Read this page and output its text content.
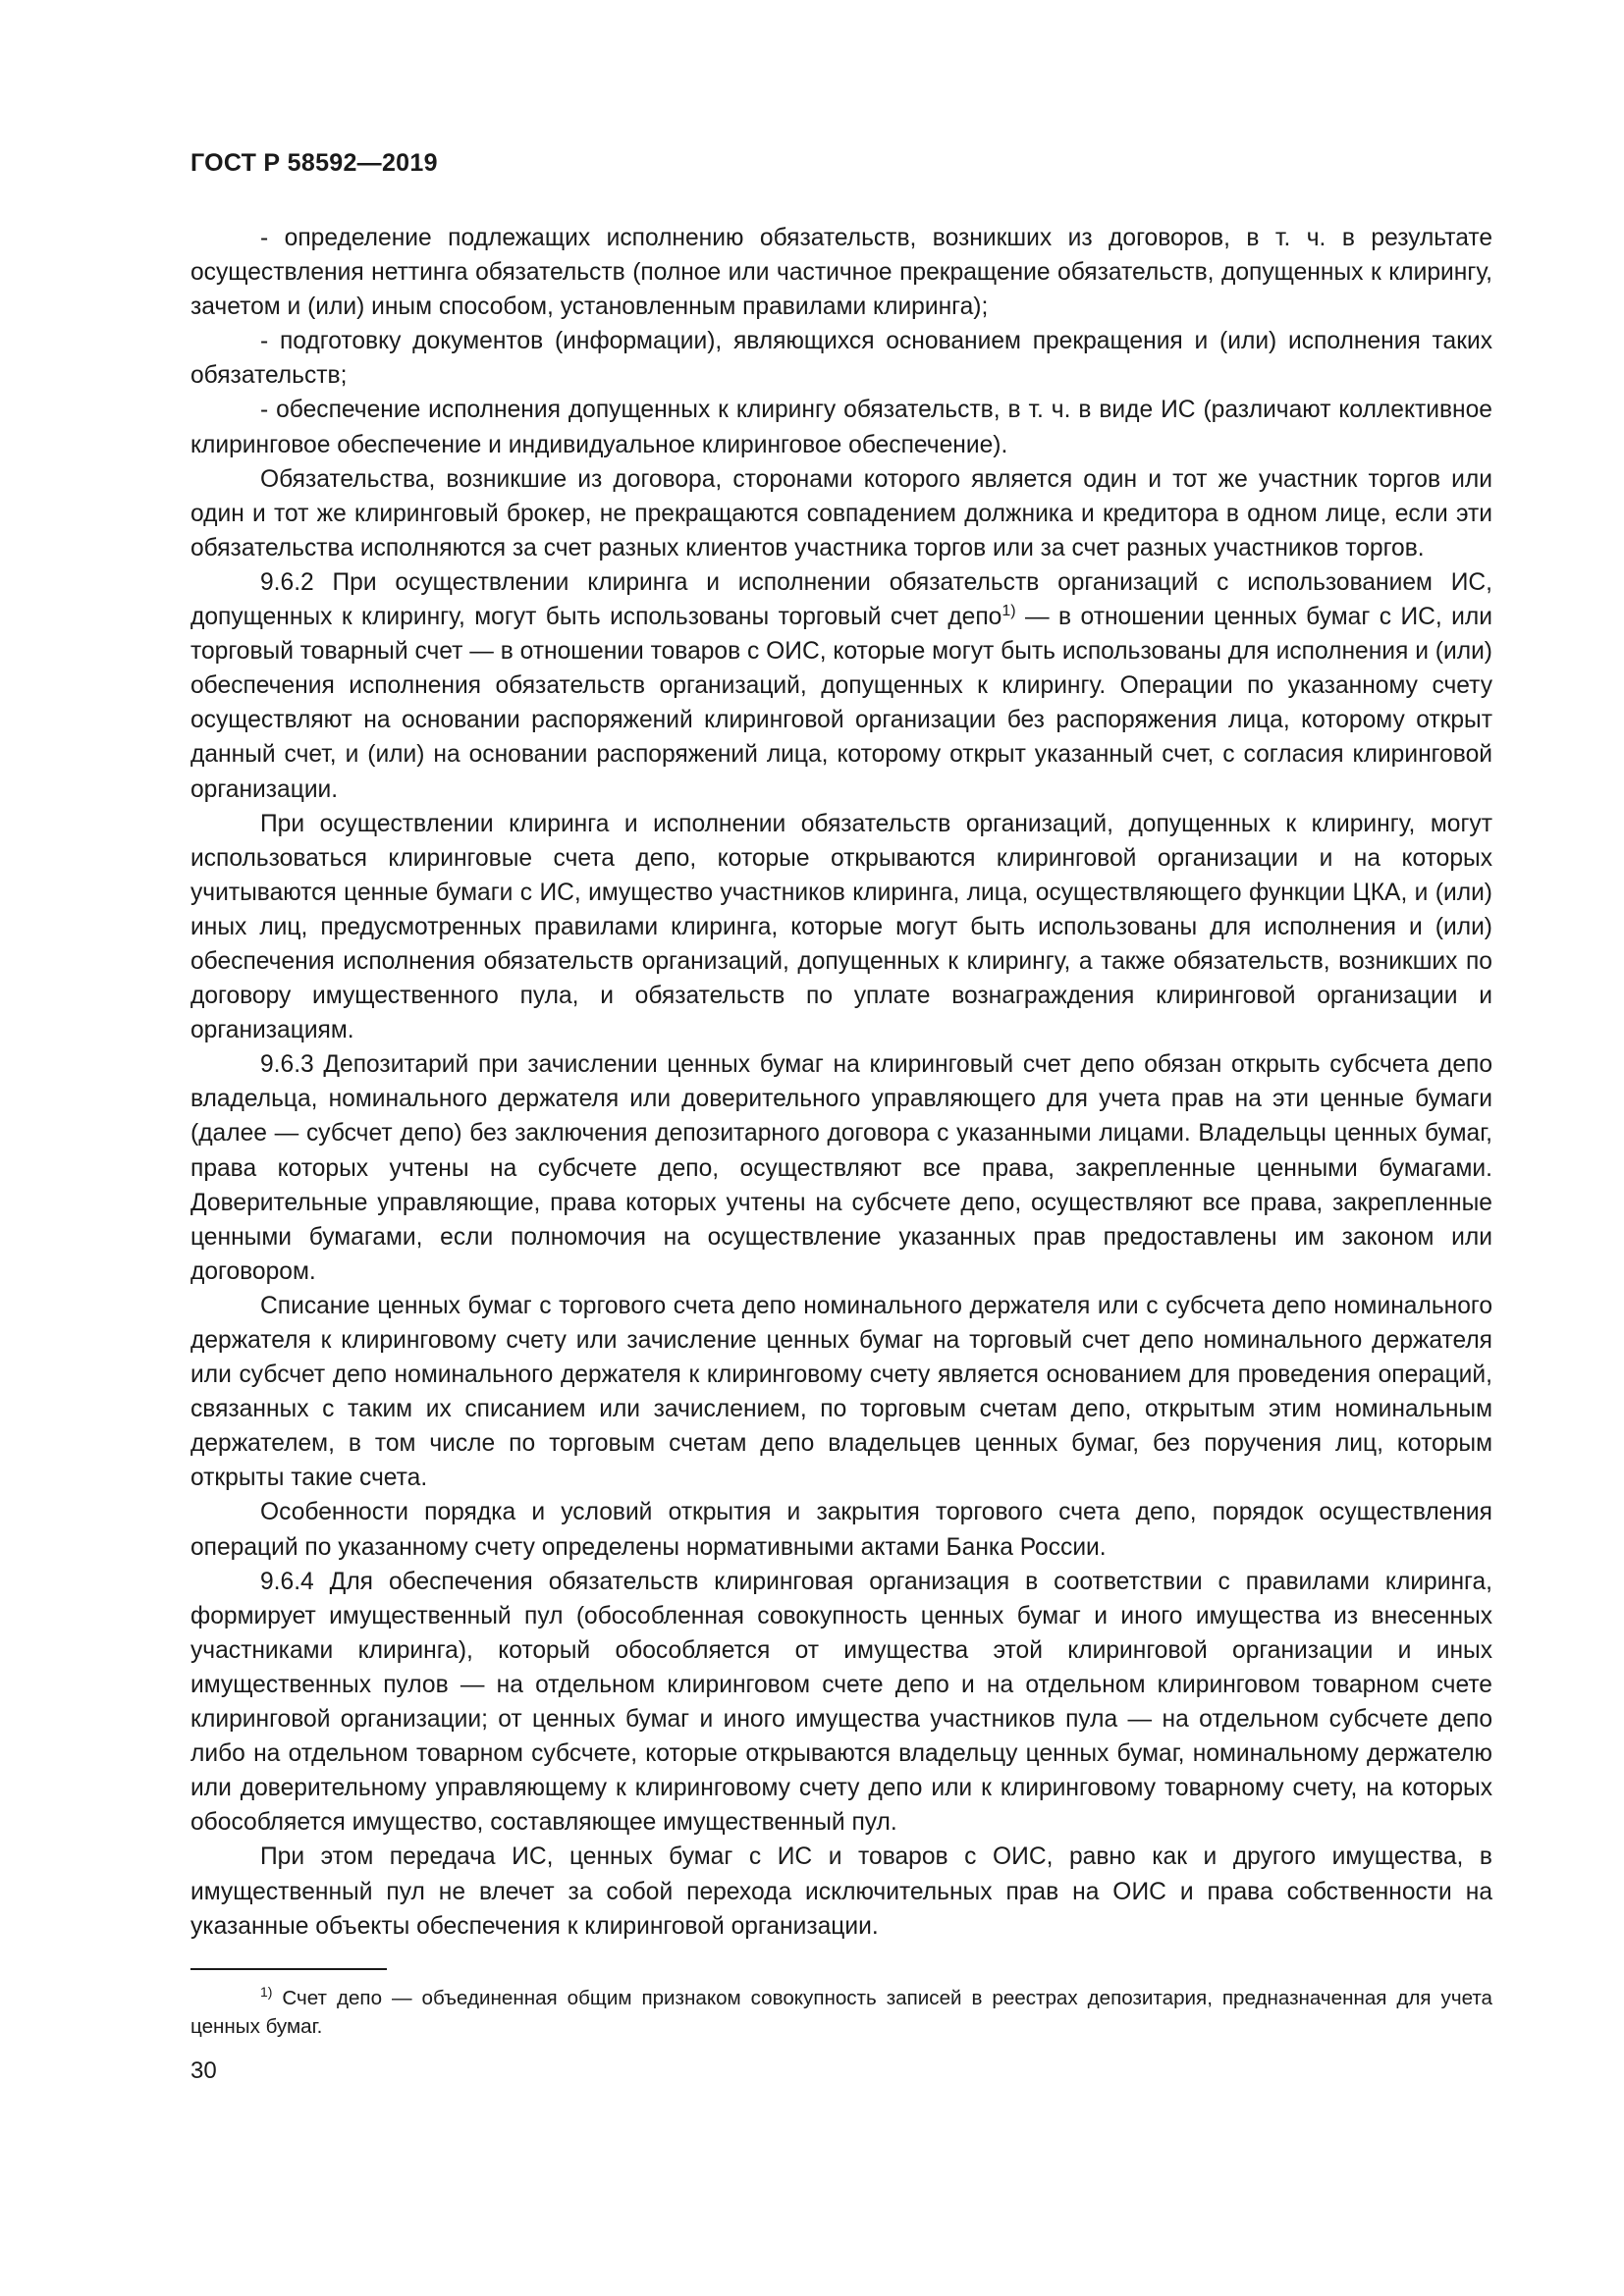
ГОСТ Р 58592—2019

- определение подлежащих исполнению обязательств, возникших из договоров, в т. ч. в результате осуществления неттинга обязательств (полное или частичное прекращение обязательств, допущенных к клирингу, зачетом и (или) иным способом, установленным правилами клиринга);

- подготовку документов (информации), являющихся основанием прекращения и (или) исполнения таких обязательств;

- обеспечение исполнения допущенных к клирингу обязательств, в т. ч. в виде ИС (различают коллективное клиринговое обеспечение и индивидуальное клиринговое обеспечение).

Обязательства, возникшие из договора, сторонами которого является один и тот же участник торгов или один и тот же клиринговый брокер, не прекращаются совпадением должника и кредитора в одном лице, если эти обязательства исполняются за счет разных клиентов участника торгов или за счет разных участников торгов.

9.6.2 При осуществлении клиринга и исполнении обязательств организаций с использованием ИС, допущенных к клирингу, могут быть использованы торговый счет депо$^{1)}$ — в отношении ценных бумаг с ИС, или торговый товарный счет — в отношении товаров с ОИС, которые могут быть использованы для исполнения и (или) обеспечения исполнения обязательств организаций, допущенных к клирингу. Операции по указанному счету осуществляют на основании распоряжений клиринговой организации без распоряжения лица, которому открыт данный счет, и (или) на основании распоряжений лица, которому открыт указанный счет, с согласия клиринговой организации.

При осуществлении клиринга и исполнении обязательств организаций, допущенных к клирингу, могут использоваться клиринговые счета депо, которые открываются клиринговой организации и на которых учитываются ценные бумаги с ИС, имущество участников клиринга, лица, осуществляющего функции ЦКА, и (или) иных лиц, предусмотренных правилами клиринга, которые могут быть использованы для исполнения и (или) обеспечения исполнения обязательств организаций, допущенных к клирингу, а также обязательств, возникших по договору имущественного пула, и обязательств по уплате вознаграждения клиринговой организации и организациям.

9.6.3 Депозитарий при зачислении ценных бумаг на клиринговый счет депо обязан открыть субсчета депо владельца, номинального держателя или доверительного управляющего для учета прав на эти ценные бумаги (далее — субсчет депо) без заключения депозитарного договора с указанными лицами. Владельцы ценных бумаг, права которых учтены на субсчете депо, осуществляют все права, закрепленные ценными бумагами. Доверительные управляющие, права которых учтены на субсчете депо, осуществляют все права, закрепленные ценными бумагами, если полномочия на осуществление указанных прав предоставлены им законом или договором.

Списание ценных бумаг с торгового счета депо номинального держателя или с субсчета депо номинального держателя к клиринговому счету или зачисление ценных бумаг на торговый счет депо номинального держателя или субсчет депо номинального держателя к клиринговому счету является основанием для проведения операций, связанных с таким их списанием или зачислением, по торговым счетам депо, открытым этим номинальным держателем, в том числе по торговым счетам депо владельцев ценных бумаг, без поручения лиц, которым открыты такие счета.

Особенности порядка и условий открытия и закрытия торгового счета депо, порядок осуществления операций по указанному счету определены нормативными актами Банка России.

9.6.4 Для обеспечения обязательств клиринговая организация в соответствии с правилами клиринга, формирует имущественный пул (обособленная совокупность ценных бумаг и иного имущества из внесенных участниками клиринга), который обособляется от имущества этой клиринговой организации и иных имущественных пулов — на отдельном клиринговом счете депо и на отдельном клиринговом товарном счете клиринговой организации; от ценных бумаг и иного имущества участников пула — на отдельном субсчете депо либо на отдельном товарном субсчете, которые открываются владельцу ценных бумаг, номинальному держателю или доверительному управляющему к клиринговому счету депо или к клиринговому товарному счету, на которых обособляется имущество, составляющее имущественный пул.

При этом передача ИС, ценных бумаг с ИС и товаров с ОИС, равно как и другого имущества, в имущественный пул не влечет за собой перехода исключительных прав на ОИС и права собственности на указанные объекты обеспечения к клиринговой организации.

$^{1)}$ Счет депо — объединенная общим признаком совокупность записей в реестрах депозитария, предназначенная для учета ценных бумаг.

30
